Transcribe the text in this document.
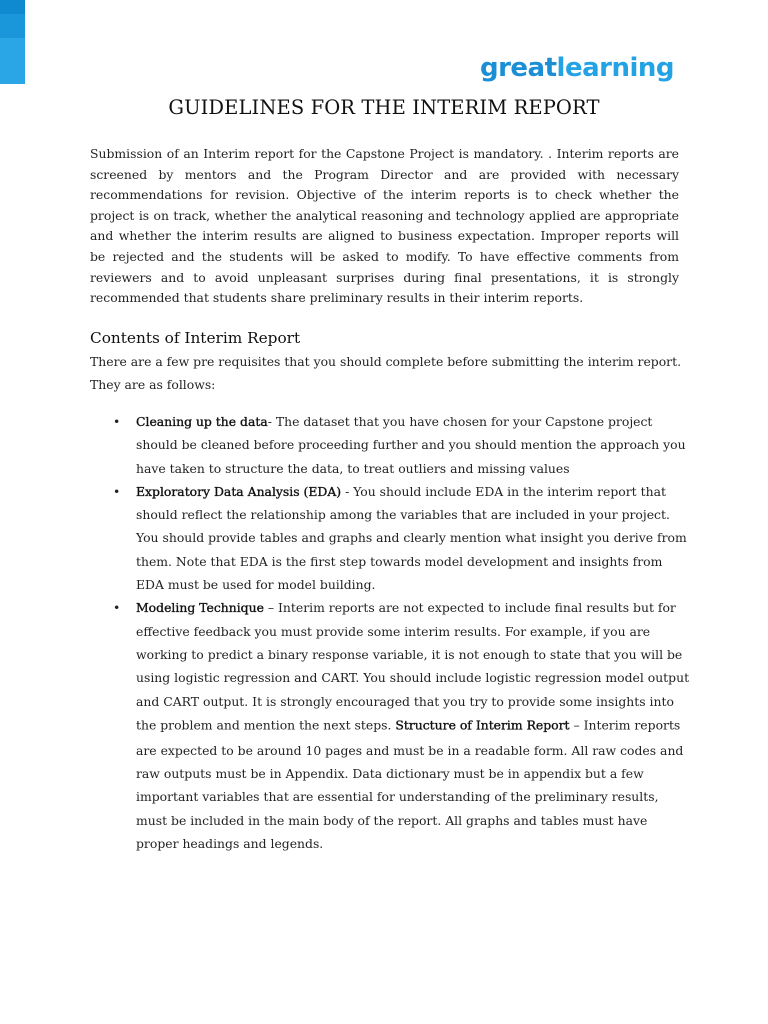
greatlearning
GUIDELINES FOR THE INTERIM REPORT

Submission of an Interim report for the Capstone Project is mandatory. . Interim reports are screened by mentors and the Program Director and are provided with necessary recommendations for revision. Objective of the interim reports is to check whether the project is on track, whether the analytical reasoning and technology applied are appropriate and whether the interim results are aligned to business expectation. Improper reports will be rejected and the students will be asked to modify. To have effective comments from reviewers and to avoid unpleasant surprises during final presentations, it is strongly recommended that students share preliminary results in their interim reports.

Contents of Interim Report

There are a few pre requisites that you should complete before submitting the interim report. They are as follows:

• Cleaning up the data- The dataset that you have chosen for your Capstone project should be cleaned before proceeding further and you should mention the approach you have taken to structure the data, to treat outliers and missing values
• Exploratory Data Analysis (EDA) - You should include EDA in the interim report that should reflect the relationship among the variables that are included in your project. You should provide tables and graphs and clearly mention what insight you derive from them. Note that EDA is the first step towards model development and insights from EDA must be used for model building.
• Modeling Technique – Interim reports are not expected to include final results but for effective feedback you must provide some interim results. For example, if you are working to predict a binary response variable, it is not enough to state that you will be using logistic regression and CART. You should include logistic regression model output and CART output. It is strongly encouraged that you try to provide some insights into the problem and mention the next steps. Structure of Interim Report – Interim reports are expected to be around 10 pages and must be in a readable form. All raw codes and raw outputs must be in Appendix. Data dictionary must be in appendix but a few important variables that are essential for understanding of the preliminary results, must be included in the main body of the report. All graphs and tables must have proper headings and legends.
